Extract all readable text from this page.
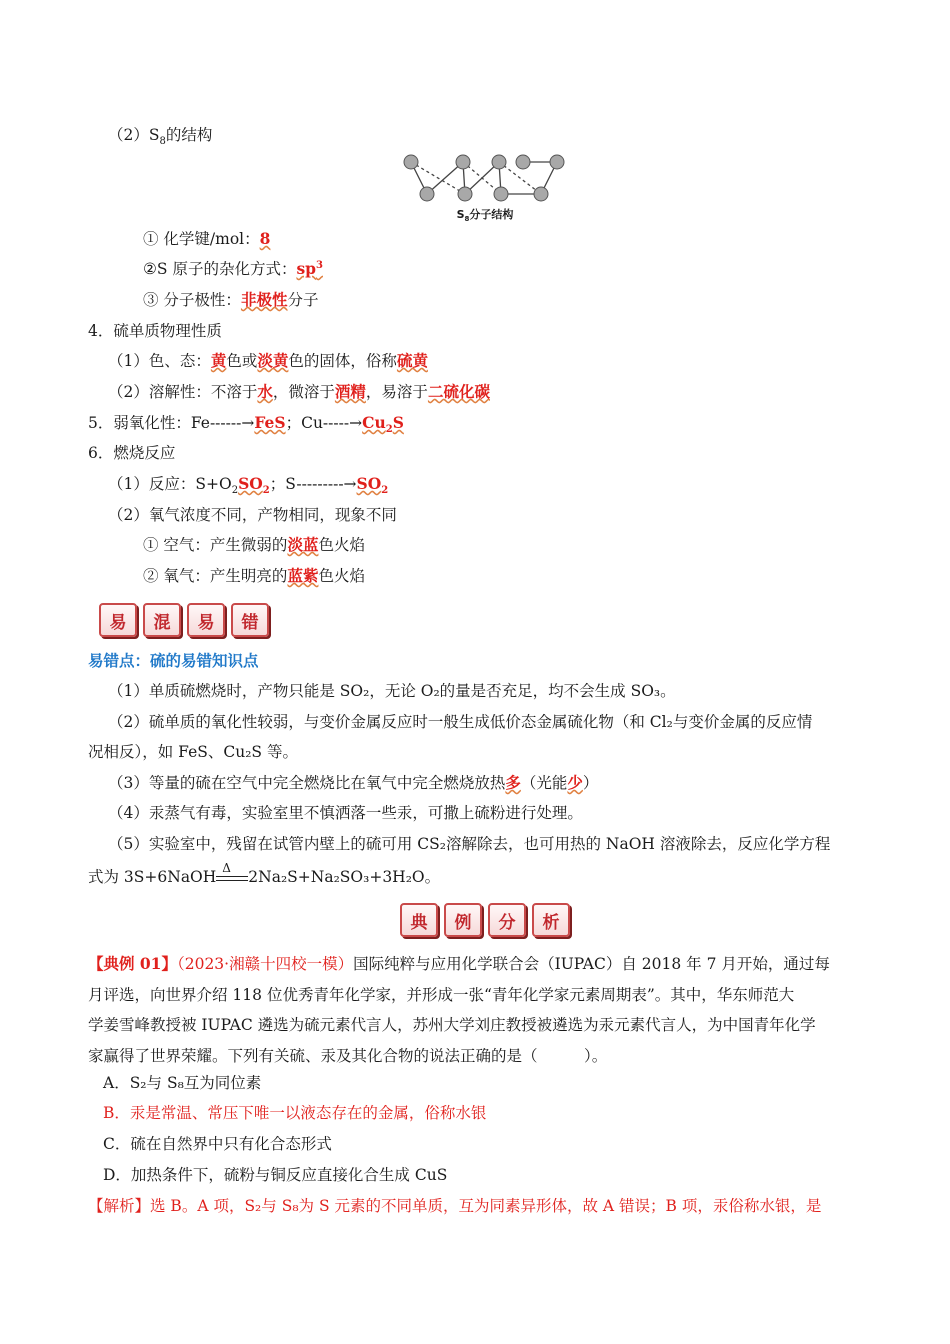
$(2)S_8$的结构
$S_8$分子结构
① 化学键/mol：8
②S 原子的杂化方式：$sp^3$
③ 分子极性：非极性分子
4．硫单质物理性质
（1）色、态：黄色或淡黄色的固体，俗称硫黄
（2）溶解性：不溶于水，微溶于酒精，易溶于二硫化碳
5．弱氧化性：Fe------→FeS；$Cu-----\to Cu_2S$
6．燃烧反应
（1）反应：$S+O_2SO_2$；$S---------\to SO_2$
（2）氧气浓度不同，产物相同，现象不同
① 空气：产生微弱的淡蓝色火焰
② 氧气：产生明亮的蓝紫色火焰
易	混	易	错
易错点：硫的易错知识点
（1）单质硫燃烧时，产物只能是 SO₂，无论 O₂的量是否充足，均不会生成 SO₃。
（2）硫单质的氧化性较弱，与变价金属反应时一般生成低价态金属硫化物（和 Cl₂与变价金属的反应情
况相反），如 FeS、Cu₂S 等。
（3）等量的硫在空气中完全燃烧比在氧气中完全燃烧放热多（光能少）
（4）汞蒸气有毒，实验室里不慎洒落一些汞，可撒上硫粉进行处理。
（5）实验室中，残留在试管内壁上的硫可用 CS₂溶解除去，也可用热的 NaOH 溶液除去，反应化学方程
式为 3S+6NaOH Δ 2Na₂S+Na₂SO₃+3H₂O。
典	例	分	析
【典例 01】（2023·湘赣十四校一模）国际纯粹与应用化学联合会（IUPAC）自 2018 年 7 月开始，通过每
月评选，向世界介绍 118 位优秀青年化学家，并形成一张“青年化学家元素周期表”。其中，华东师范大
学姜雪峰教授被 IUPAC 遴选为硫元素代言人，苏州大学刘庄教授被遴选为汞元素代言人，为中国青年化学
家赢得了世界荣耀。下列有关硫、汞及其化合物的说法正确的是（　　　）。
A．S₂与 S₈互为同位素
B．汞是常温、常压下唯一以液态存在的金属，俗称水银
C．硫在自然界中只有化合态形式
D．加热条件下，硫粉与铜反应直接化合生成 CuS
【解析】选 B。A 项，S₂与 S₈为 S 元素的不同单质，互为同素异形体，故 A 错误；B 项，汞俗称水银，是
